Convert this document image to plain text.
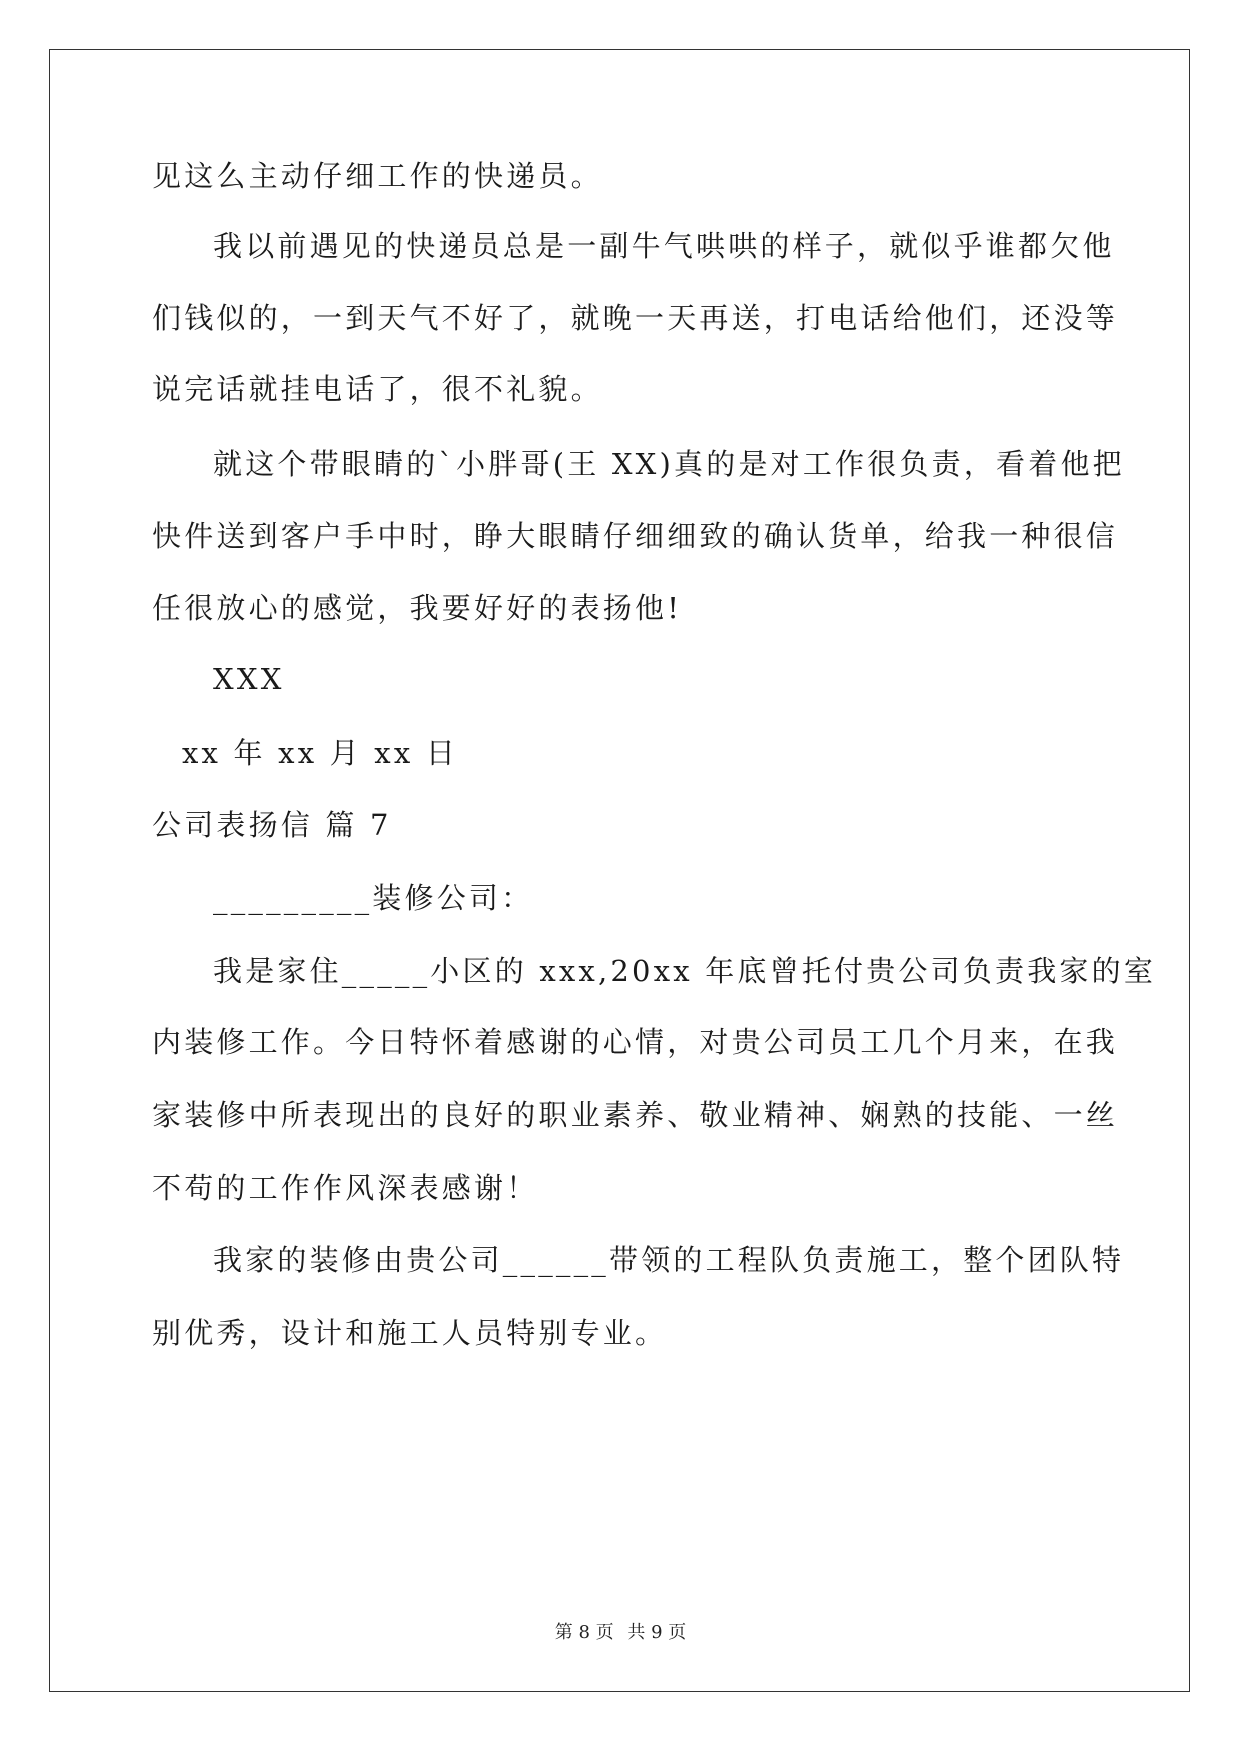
见这么主动仔细工作的快递员。
我以前遇见的快递员总是一副牛气哄哄的样子，就似乎谁都欠他
们钱似的，一到天气不好了，就晚一天再送，打电话给他们，还没等
说完话就挂电话了，很不礼貌。
就这个带眼睛的`小胖哥(王 XX)真的是对工作很负责，看着他把
快件送到客户手中时，睁大眼睛仔细细致的确认货单，给我一种很信
任很放心的感觉，我要好好的表扬他!
XXX
xx 年 xx 月 xx 日
公司表扬信 篇 7
_________装修公司：
我是家住_____小区的 xxx,20xx 年底曾托付贵公司负责我家的室
内装修工作。今日特怀着感谢的心情，对贵公司员工几个月来，在我
家装修中所表现出的良好的职业素养、敬业精神、娴熟的技能、一丝
不苟的工作作风深表感谢！
我家的装修由贵公司______带领的工程队负责施工，整个团队特
别优秀，设计和施工人员特别专业。
第 8 页 共 9 页
